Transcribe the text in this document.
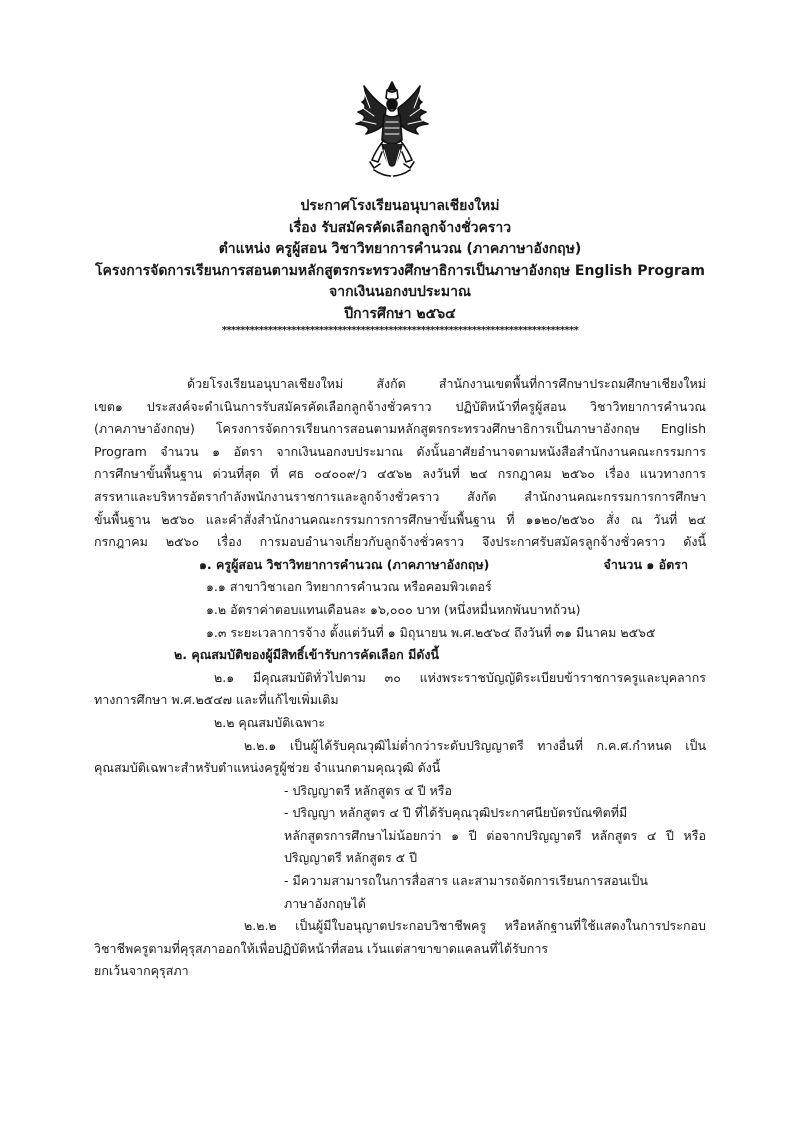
ประกาศโรงเรียนอนุบาลเชียงใหม่
เรื่อง รับสมัครคัดเลือกลูกจ้างชั่วคราว
ตำแหน่ง ครูผู้สอน วิชาวิทยาการคำนวณ (ภาคภาษาอังกฤษ)
โครงการจัดการเรียนการสอนตามหลักสูตรกระทรวงศึกษาธิการเป็นภาษาอังกฤษ English Program
จากเงินนอกงบประมาณ
ปีการศึกษา ๒๕๖๔
*****************************************************************************
ด้วยโรงเรียนอนุบาลเชียงใหม่ สังกัด สำนักงานเขตพื้นที่การศึกษาประถมศึกษาเชียงใหม่
เขต๑ ประสงค์จะดำเนินการรับสมัครคัดเลือกลูกจ้างชั่วคราว ปฏิบัติหน้าที่ครูผู้สอน วิชาวิทยาการคำนวณ
(ภาคภาษาอังกฤษ) โครงการจัดการเรียนการสอนตามหลักสูตรกระทรวงศึกษาธิการเป็นภาษาอังกฤษ English
Program จำนวน ๑ อัตรา จากเงินนอกงบประมาณ ดังนั้นอาศัยอำนาจตามหนังสือสำนักงานคณะกรรมการ
การศึกษาขั้นพื้นฐาน ด่วนที่สุด ที่ ศธ ๐๔๐๐๙/ว ๔๕๖๒ ลงวันที่ ๒๔ กรกฎาคม ๒๕๖๐ เรื่อง แนวทางการ
สรรหาและบริหารอัตรากำลังพนักงานราชการและลูกจ้างชั่วคราว สังกัด สำนักงานคณะกรรมการการศึกษา
ขั้นพื้นฐาน ๒๕๖๐ และคำสั่งสำนักงานคณะกรรมการการศึกษาขั้นพื้นฐาน ที่ ๑๑๒๐/๒๕๖๐ สั่ง ณ วันที่ ๒๔
กรกฎาคม ๒๕๖๐ เรื่อง การมอบอำนาจเกี่ยวกับลูกจ้างชั่วคราว จึงประกาศรับสมัครลูกจ้างชั่วคราว ดังนี้
๑. ครูผู้สอน วิชาวิทยาการคำนวณ (ภาคภาษาอังกฤษ)	จำนวน ๑ อัตรา
๑.๑ สาขาวิชาเอก วิทยาการคำนวณ หรือคอมพิวเตอร์
๑.๒ อัตราค่าตอบแทนเดือนละ ๑๖,๐๐๐ บาท (หนึ่งหมื่นหกพันบาทถ้วน)
๑.๓ ระยะเวลาการจ้าง ตั้งแต่วันที่ ๑ มิถุนายน พ.ศ.๒๕๖๔ ถึงวันที่ ๓๑ มีนาคม ๒๕๖๕
๒. คุณสมบัติของผู้มีสิทธิ์เข้ารับการคัดเลือก มีดังนี้
๒.๑ มีคุณสมบัติทั่วไปตาม ๓๐ แห่งพระราชบัญญัติระเบียบข้าราชการครูและบุคลากร
ทางการศึกษา พ.ศ.๒๕๔๗ และที่แก้ไขเพิ่มเติม
๒.๒ คุณสมบัติเฉพาะ
๒.๒.๑ เป็นผู้ได้รับคุณวุฒิไม่ต่ำกว่าระดับปริญญาตรี ทางอื่นที่ ก.ค.ศ.กำหนด เป็น
คุณสมบัติเฉพาะสำหรับตำแหน่งครูผู้ช่วย จำแนกตามคุณวุฒิ ดังนี้
- ปริญญาตรี หลักสูตร ๔ ปี หรือ
- ปริญญา หลักสูตร ๔ ปี ที่ได้รับคุณวุฒิประกาศนียบัตรบัณฑิตที่มี
หลักสูตรการศึกษาไม่น้อยกว่า ๑ ปี ต่อจากปริญญาตรี หลักสูตร ๔ ปี หรือ
ปริญญาตรี หลักสูตร ๕ ปี
- มีความสามารถในการสื่อสาร และสามารถจัดการเรียนการสอนเป็น
ภาษาอังกฤษได้
๒.๒.๒ เป็นผู้มีใบอนุญาตประกอบวิชาชีพครู หรือหลักฐานที่ใช้แสดงในการประกอบ
วิชาชีพครูตามที่คุรุสภาออกให้เพื่อปฏิบัติหน้าที่สอน เว้นแต่สาขาขาดแคลนที่ได้รับการ
ยกเว้นจากคุรุสภา
